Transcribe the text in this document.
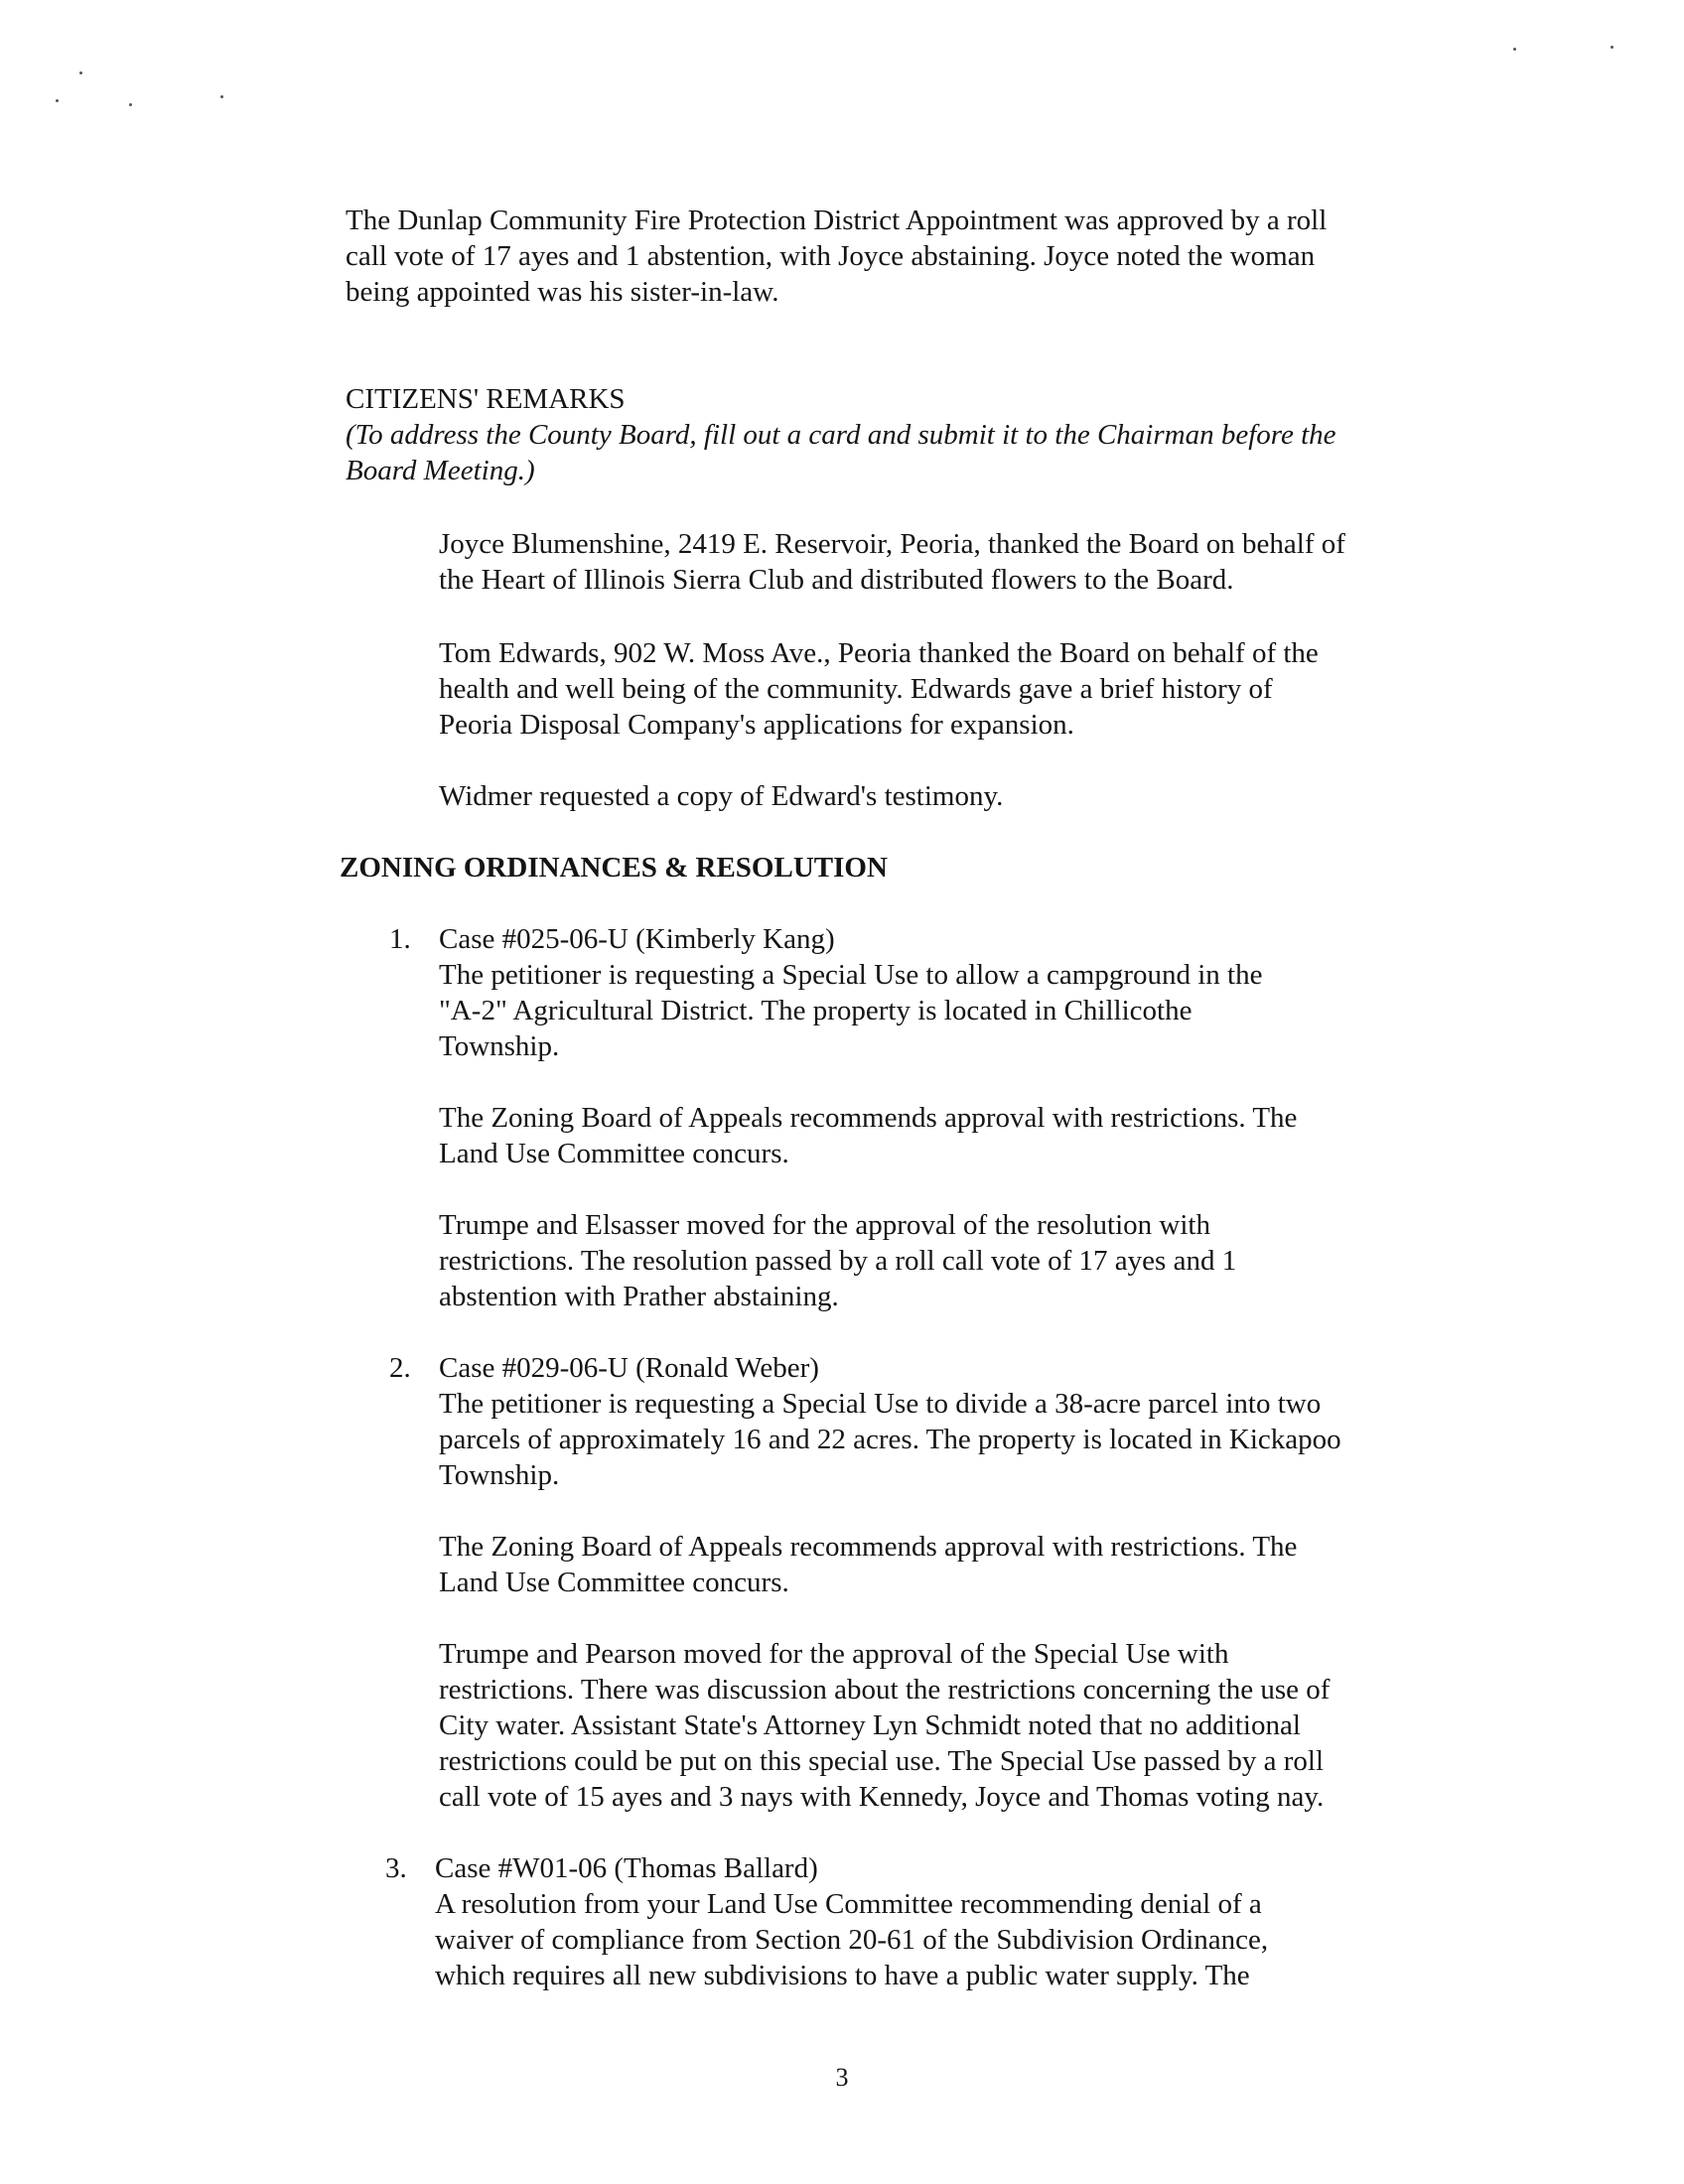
The Dunlap Community Fire Protection District Appointment was approved by a roll
call vote of 17 ayes and 1 abstention, with Joyce abstaining. Joyce noted the woman
being appointed was his sister-in-law.

CITIZENS' REMARKS

(To address the County Board, fill out a card and submit it to the Chairman before the
Board Meeting.)

Joyce Blumenshine, 2419 E. Reservoir, Peoria, thanked the Board on behalf of
the Heart of Illinois Sierra Club and distributed flowers to the Board.

Tom Edwards, 902 W. Moss Ave., Peoria thanked the Board on behalf of the
health and well being of the community. Edwards gave a brief history of
Peoria Disposal Company's applications for expansion.

Widmer requested a copy of Edward's testimony.

ZONING ORDINANCES & RESOLUTION
1. Case #025-06-U (Kimberly Kang)

The petitioner is requesting a Special Use to allow a campground in the
"A-2" Agricultural District. The property is located in Chillicothe
Township.

The Zoning Board of Appeals recommends approval with restrictions. The
Land Use Committee concurs.

Trumpe and Elsasser moved for the approval of the resolution with
restrictions. The resolution passed by a roll call vote of 17 ayes and 1
abstention with Prather abstaining.

2. Case #029-06-U (Ronald Weber)

The petitioner is requesting a Special Use to divide a 38-acre parcel into two
parcels of approximately 16 and 22 acres. The property is located in Kickapoo
Township.

The Zoning Board of Appeals recommends approval with restrictions. The
Land Use Committee concurs.

Trumpe and Pearson moved for the approval of the Special Use with
restrictions. There was discussion about the restrictions concerning the use of
City water. Assistant State's Attorney Lyn Schmidt noted that no additional
restrictions could be put on this special use. The Special Use passed by a roll
call vote of 15 ayes and 3 nays with Kennedy, Joyce and Thomas voting nay.

3. Case #W01-06 (Thomas Ballard)

A resolution from your Land Use Committee recommending denial of a
waiver of compliance from Section 20-61 of the Subdivision Ordinance,
which requires all new subdivisions to have a public water supply. The

3
